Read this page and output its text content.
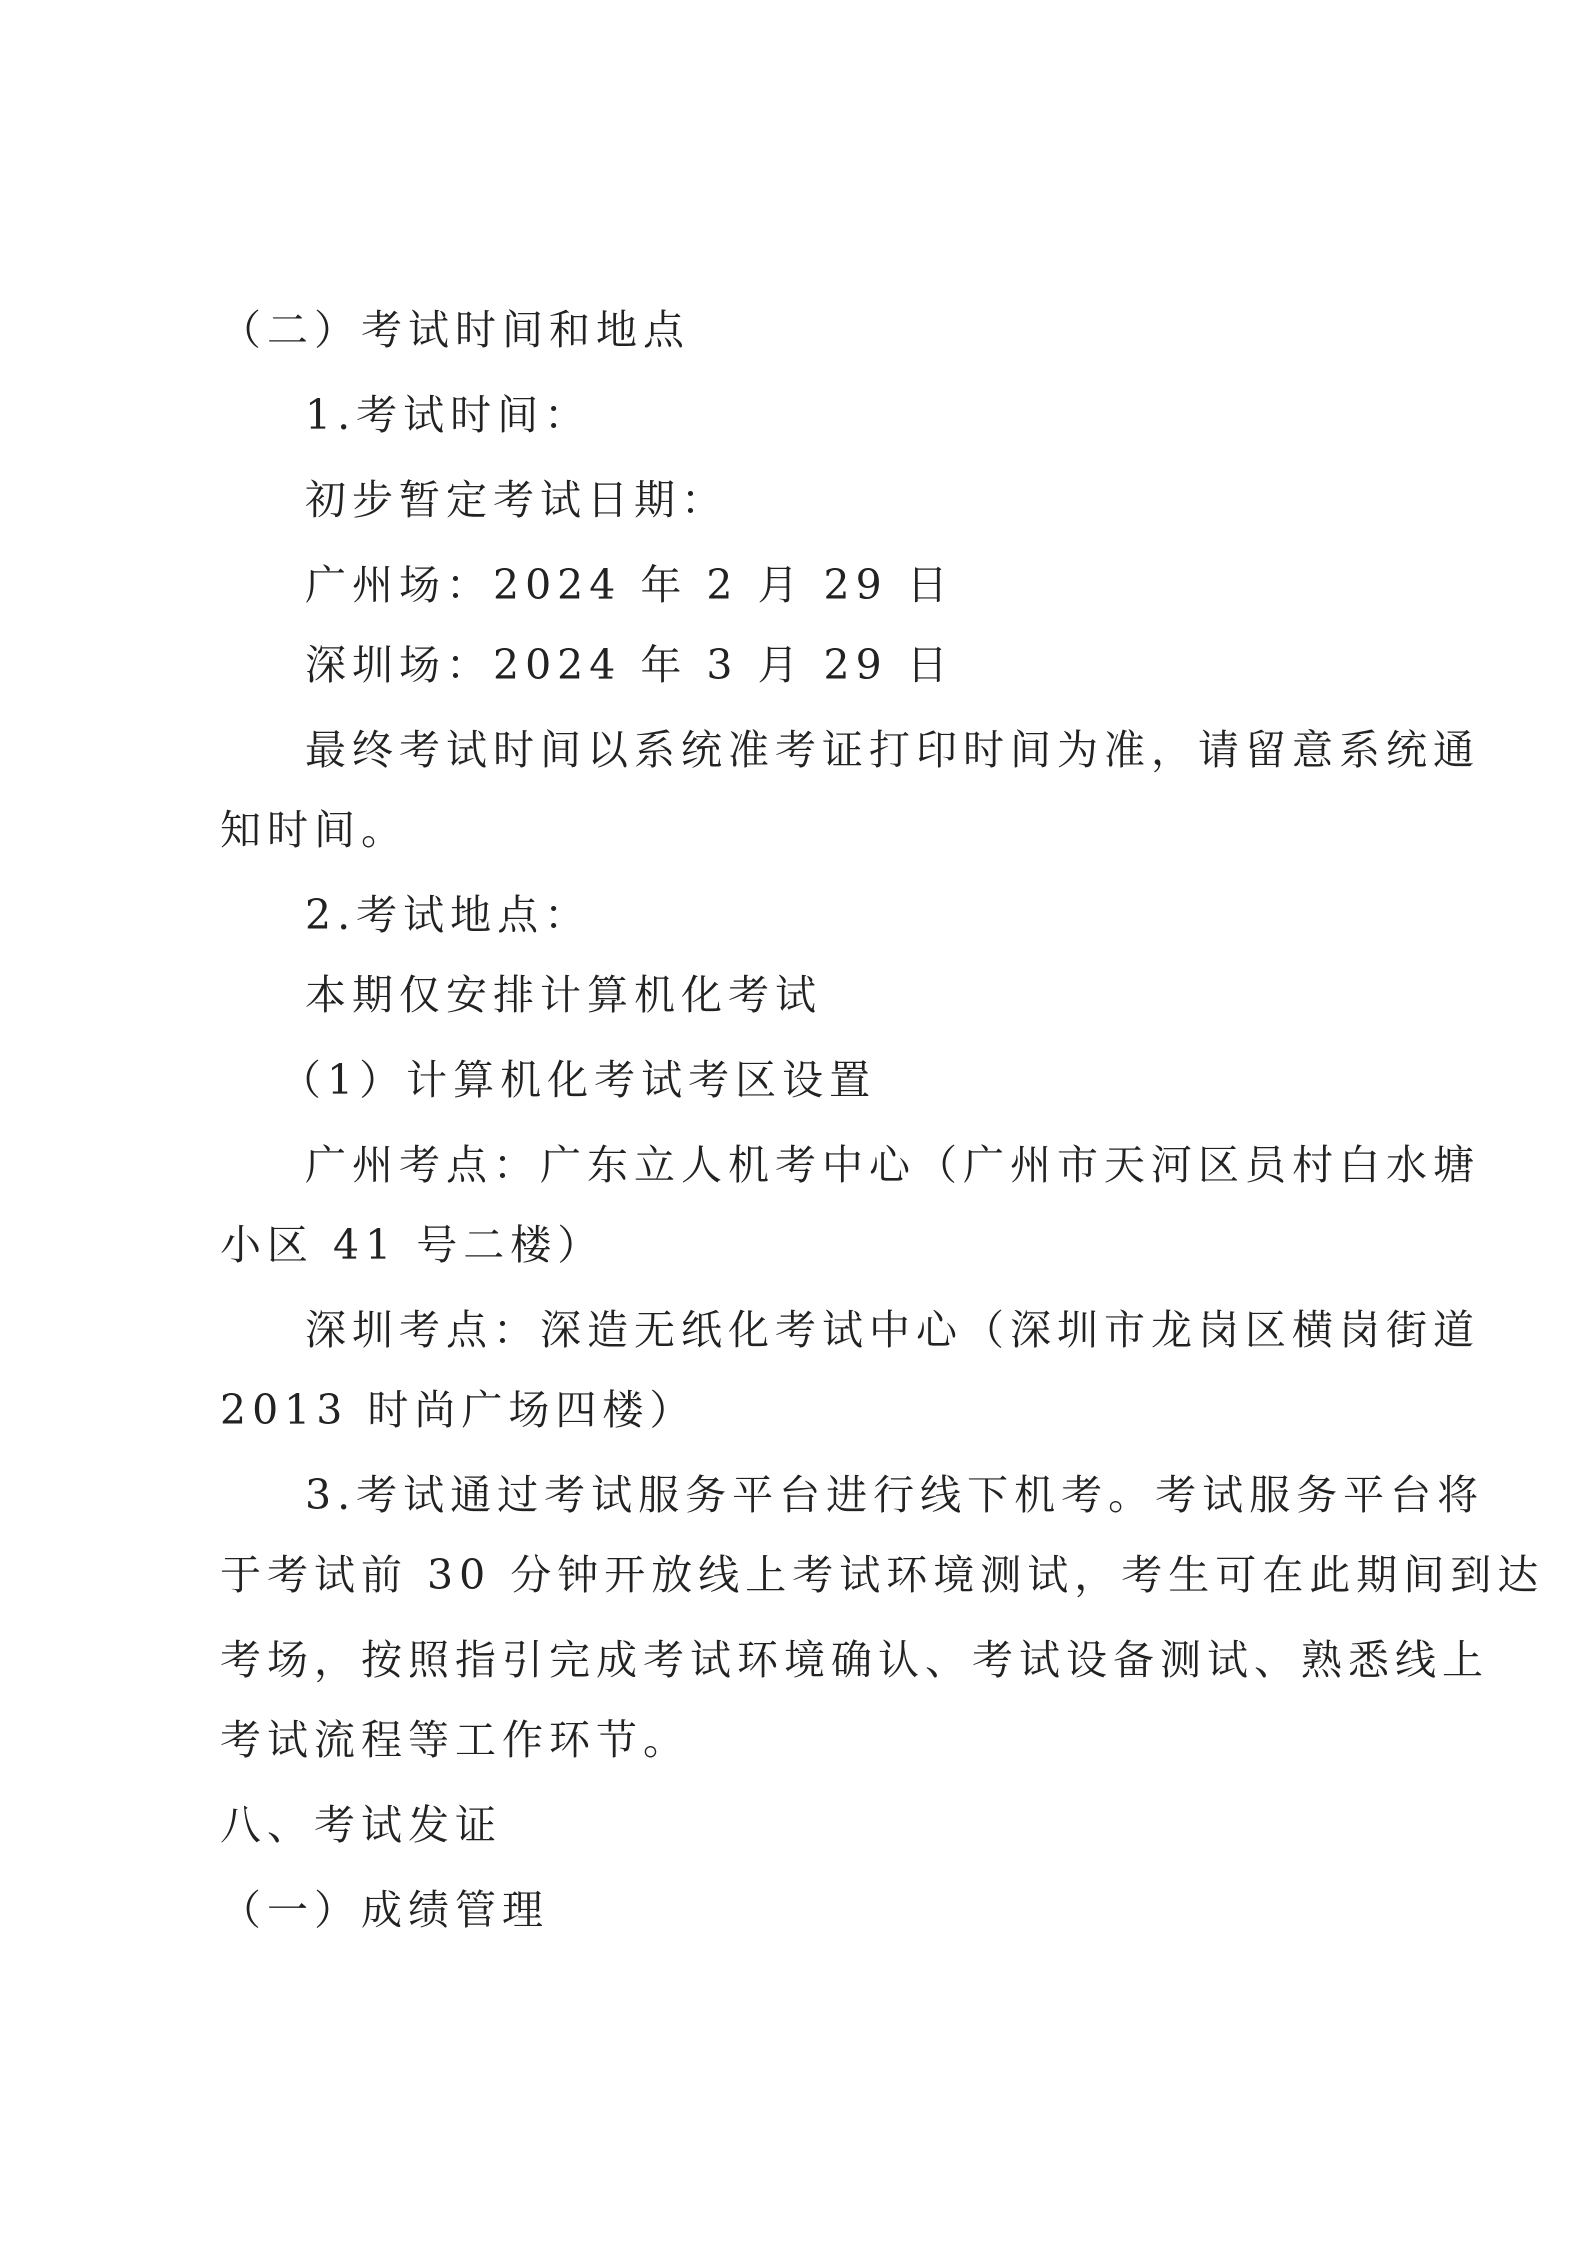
（二）考试时间和地点
1.考试时间：
初步暂定考试日期：
广州场：2024 年 2 月 29 日
深圳场：2024 年 3 月 29 日
最终考试时间以系统准考证打印时间为准，请留意系统通
知时间。
2.考试地点：
本期仅安排计算机化考试
（1）计算机化考试考区设置
广州考点：广东立人机考中心（广州市天河区员村白水塘
小区 41 号二楼）
深圳考点：深造无纸化考试中心（深圳市龙岗区横岗街道
2013 时尚广场四楼）
3.考试通过考试服务平台进行线下机考。考试服务平台将
于考试前 30 分钟开放线上考试环境测试，考生可在此期间到达
考场，按照指引完成考试环境确认、考试设备测试、熟悉线上
考试流程等工作环节。
八、考试发证
（一）成绩管理
